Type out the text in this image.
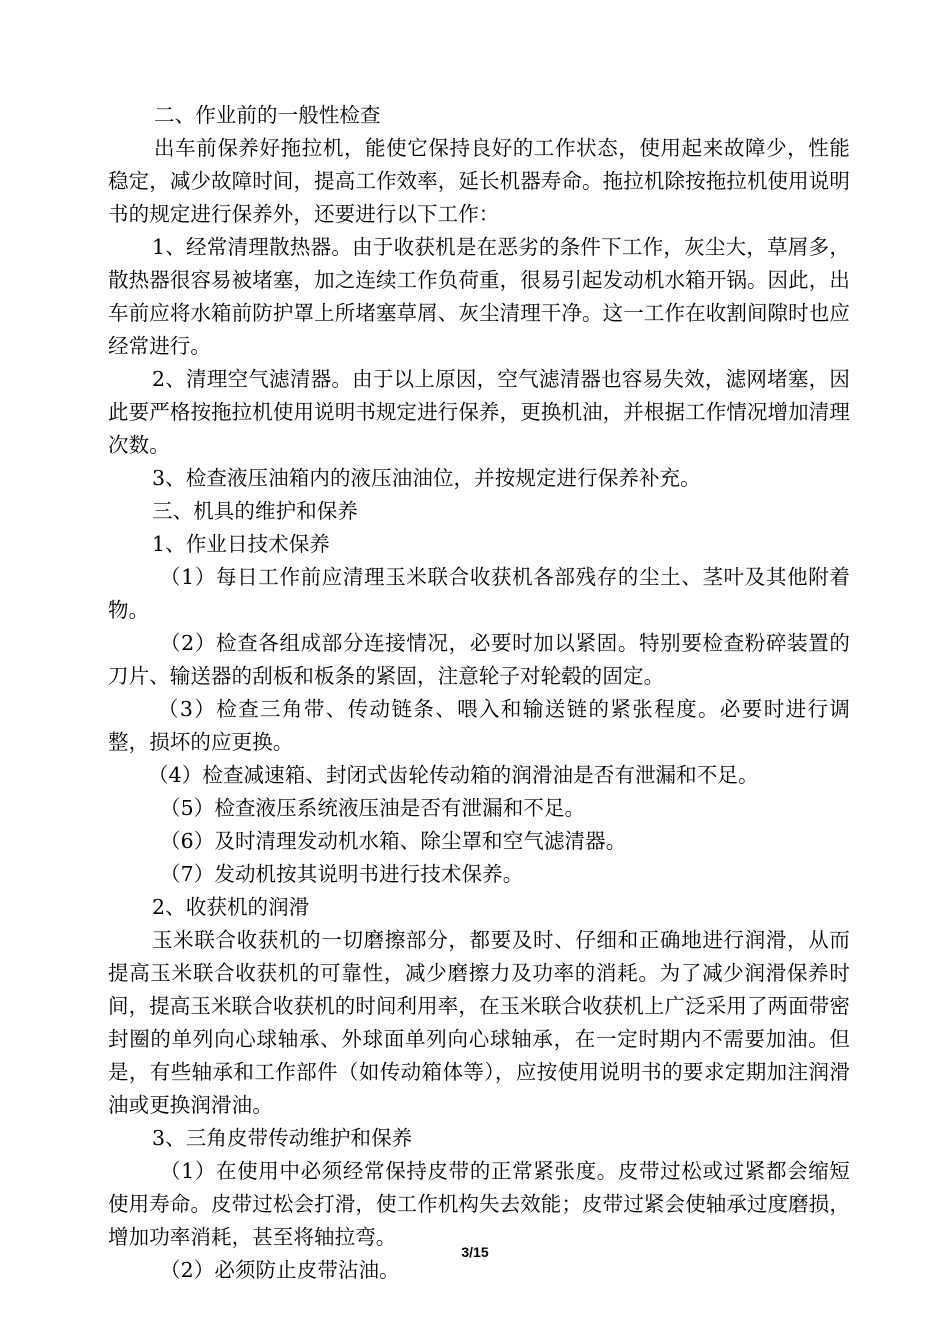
二、作业前的一般性检查

出车前保养好拖拉机，能使它保持良好的工作状态，使用起来故障少，性能稳定，减少故障时间，提高工作效率，延长机器寿命。拖拉机除按拖拉机使用说明书的规定进行保养外，还要进行以下工作：

1、经常清理散热器。由于收获机是在恶劣的条件下工作，灰尘大，草屑多，散热器很容易被堵塞，加之连续工作负荷重，很易引起发动机水箱开锅。因此，出车前应将水箱前防护罩上所堵塞草屑、灰尘清理干净。这一工作在收割间隙时也应经常进行。

2、清理空气滤清器。由于以上原因，空气滤清器也容易失效，滤网堵塞，因此要严格按拖拉机使用说明书规定进行保养，更换机油，并根据工作情况增加清理次数。

3、检查液压油箱内的液压油油位，并按规定进行保养补充。

三、机具的维护和保养

1、作业日技术保养

（1）每日工作前应清理玉米联合收获机各部残存的尘土、茎叶及其他附着物。

（2）检查各组成部分连接情况，必要时加以紧固。特别要检查粉碎装置的刀片、输送器的刮板和板条的紧固，注意轮子对轮毂的固定。

（3）检查三角带、传动链条、喂入和输送链的紧张程度。必要时进行调整，损坏的应更换。

（4）检查减速箱、封闭式齿轮传动箱的润滑油是否有泄漏和不足。

（5）检查液压系统液压油是否有泄漏和不足。

（6）及时清理发动机水箱、除尘罩和空气滤清器。

（7）发动机按其说明书进行技术保养。

2、收获机的润滑

玉米联合收获机的一切磨擦部分，都要及时、仔细和正确地进行润滑，从而提高玉米联合收获机的可靠性，减少磨擦力及功率的消耗。为了减少润滑保养时间，提高玉米联合收获机的时间利用率，在玉米联合收获机上广泛采用了两面带密封圈的单列向心球轴承、外球面单列向心球轴承，在一定时期内不需要加油。但是，有些轴承和工作部件（如传动箱体等），应按使用说明书的要求定期加注润滑油或更换润滑油。

3、三角皮带传动维护和保养

（1）在使用中必须经常保持皮带的正常紧张度。皮带过松或过紧都会缩短使用寿命。皮带过松会打滑，使工作机构失去效能；皮带过紧会使轴承过度磨损，增加功率消耗，甚至将轴拉弯。

（2）必须防止皮带沾油。

3/15
